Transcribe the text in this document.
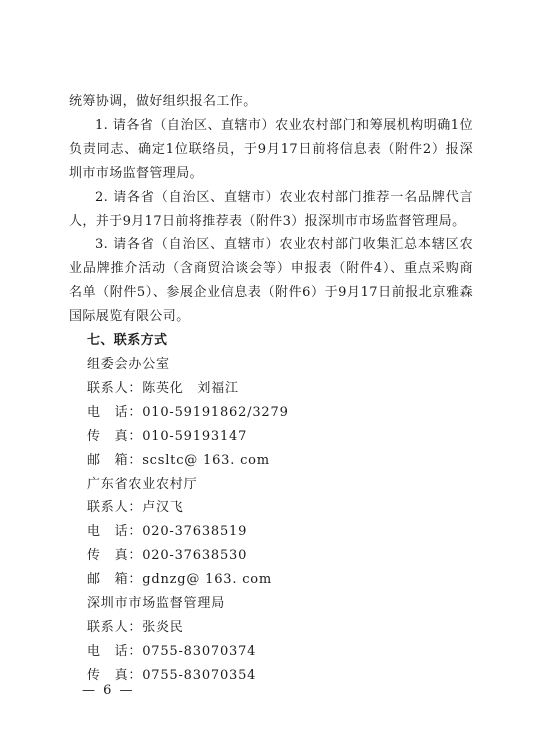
统筹协调，做好组织报名工作。

1. 请各省（自治区、直辖市）农业农村部门和筹展机构明确1位负责同志、确定1位联络员，于9月17日前将信息表（附件2）报深圳市市场监督管理局。

2. 请各省（自治区、直辖市）农业农村部门推荐一名品牌代言人，并于9月17日前将推荐表（附件3）报深圳市市场监督管理局。

3. 请各省（自治区、直辖市）农业农村部门收集汇总本辖区农业品牌推介活动（含商贸洽谈会等）申报表（附件4）、重点采购商名单（附件5）、参展企业信息表（附件6）于9月17日前报北京雅森国际展览有限公司。

七、联系方式

组委会办公室

联系人：陈英化　刘福江

电　话：010-59191862/3279

传　真：010-59193147

邮　箱：scsltc@ 163. com

广东省农业农村厅

联系人：卢汉飞

电　话：020-37638519

传　真：020-37638530

邮　箱：gdnzg@ 163. com

深圳市市场监督管理局

联系人：张炎民

电　话：0755-83070374

传　真：0755-83070354

— 6 —
